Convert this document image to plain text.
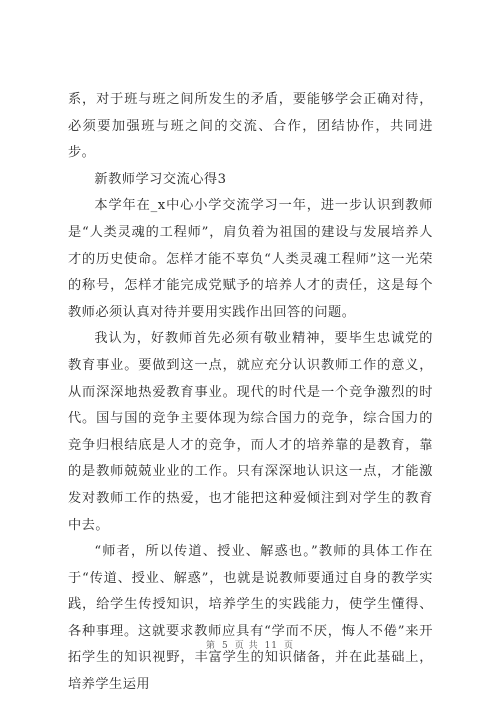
系，对于班与班之间所发生的矛盾，要能够学会正确对待，必须要加强班与班之间的交流、合作，团结协作，共同进步。

新教师学习交流心得3

本学年在_x中心小学交流学习一年，进一步认识到教师是“人类灵魂的工程师”，肩负着为祖国的建设与发展培养人才的历史使命。怎样才能不辜负“人类灵魂工程师”这一光荣的称号，怎样才能完成党赋予的培养人才的责任，这是每个教师必须认真对待并要用实践作出回答的问题。

我认为，好教师首先必须有敬业精神，要毕生忠诚党的教育事业。要做到这一点，就应充分认识教师工作的意义，从而深深地热爱教育事业。现代的时代是一个竞争激烈的时代。国与国的竞争主要体现为综合国力的竞争，综合国力的竞争归根结底是人才的竞争，而人才的培养靠的是教育，靠的是教师兢兢业业的工作。只有深深地认识这一点，才能激发对教师工作的热爱，也才能把这种爱倾注到对学生的教育中去。

“师者，所以传道、授业、解惑也。”教师的具体工作在于“传道、授业、解惑”，也就是说教师要通过自身的教学实践，给学生传授知识，培养学生的实践能力，使学生懂得、各种事理。这就要求教师应具有“学而不厌，悔人不倦”来开拓学生的知识视野，丰富学生的知识储备，并在此基础上，培养学生运用

第 5 页 共 11 页
